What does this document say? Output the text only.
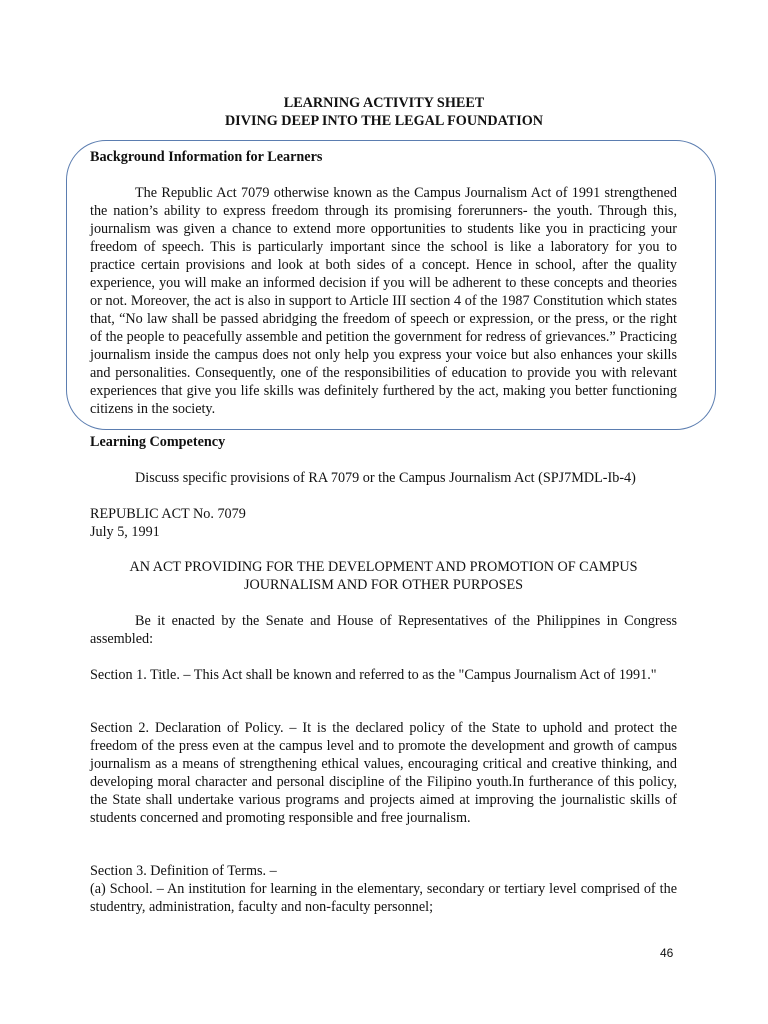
LEARNING ACTIVITY SHEET
DIVING DEEP INTO THE LEGAL FOUNDATION
Background Information for Learners
The Republic Act 7079 otherwise known as the Campus Journalism Act of 1991 strengthened the nation’s ability to express freedom through its promising forerunners- the youth. Through this, journalism was given a chance to extend more opportunities to students like you in practicing your freedom of speech. This is particularly important since the school is like a laboratory for you to practice certain provisions and look at both sides of a concept. Hence in school, after the quality experience, you will make an informed decision if you will be adherent to these concepts and theories or not. Moreover, the act is also in support to Article III section 4 of the 1987 Constitution which states that, “No law shall be passed abridging the freedom of speech or expression, or the press, or the right of the people to peacefully assemble and petition the government for redress of grievances.” Practicing journalism inside the campus does not only help you express your voice but also enhances your skills and personalities. Consequently, one of the responsibilities of education to provide you with relevant experiences that give you life skills was definitely furthered by the act, making you better functioning citizens in the society.
Learning Competency
Discuss specific provisions of RA 7079 or the Campus Journalism Act (SPJ7MDL-Ib-4)
REPUBLIC ACT No. 7079
July 5, 1991
AN ACT PROVIDING FOR THE DEVELOPMENT AND PROMOTION OF CAMPUS
JOURNALISM AND FOR OTHER PURPOSES
Be it enacted by the Senate and House of Representatives of the Philippines in Congress assembled:
Section 1. Title. – This Act shall be known and referred to as the "Campus Journalism Act of 1991."
Section 2. Declaration of Policy. – It is the declared policy of the State to uphold and protect the freedom of the press even at the campus level and to promote the development and growth of campus journalism as a means of strengthening ethical values, encouraging critical and creative thinking, and developing moral character and personal discipline of the Filipino youth.In furtherance of this policy, the State shall undertake various programs and projects aimed at improving the journalistic skills of students concerned and promoting responsible and free journalism.
Section 3. Definition of Terms. –
(a) School. – An institution for learning in the elementary, secondary or tertiary level comprised of the studentry, administration, faculty and non-faculty personnel;
46
